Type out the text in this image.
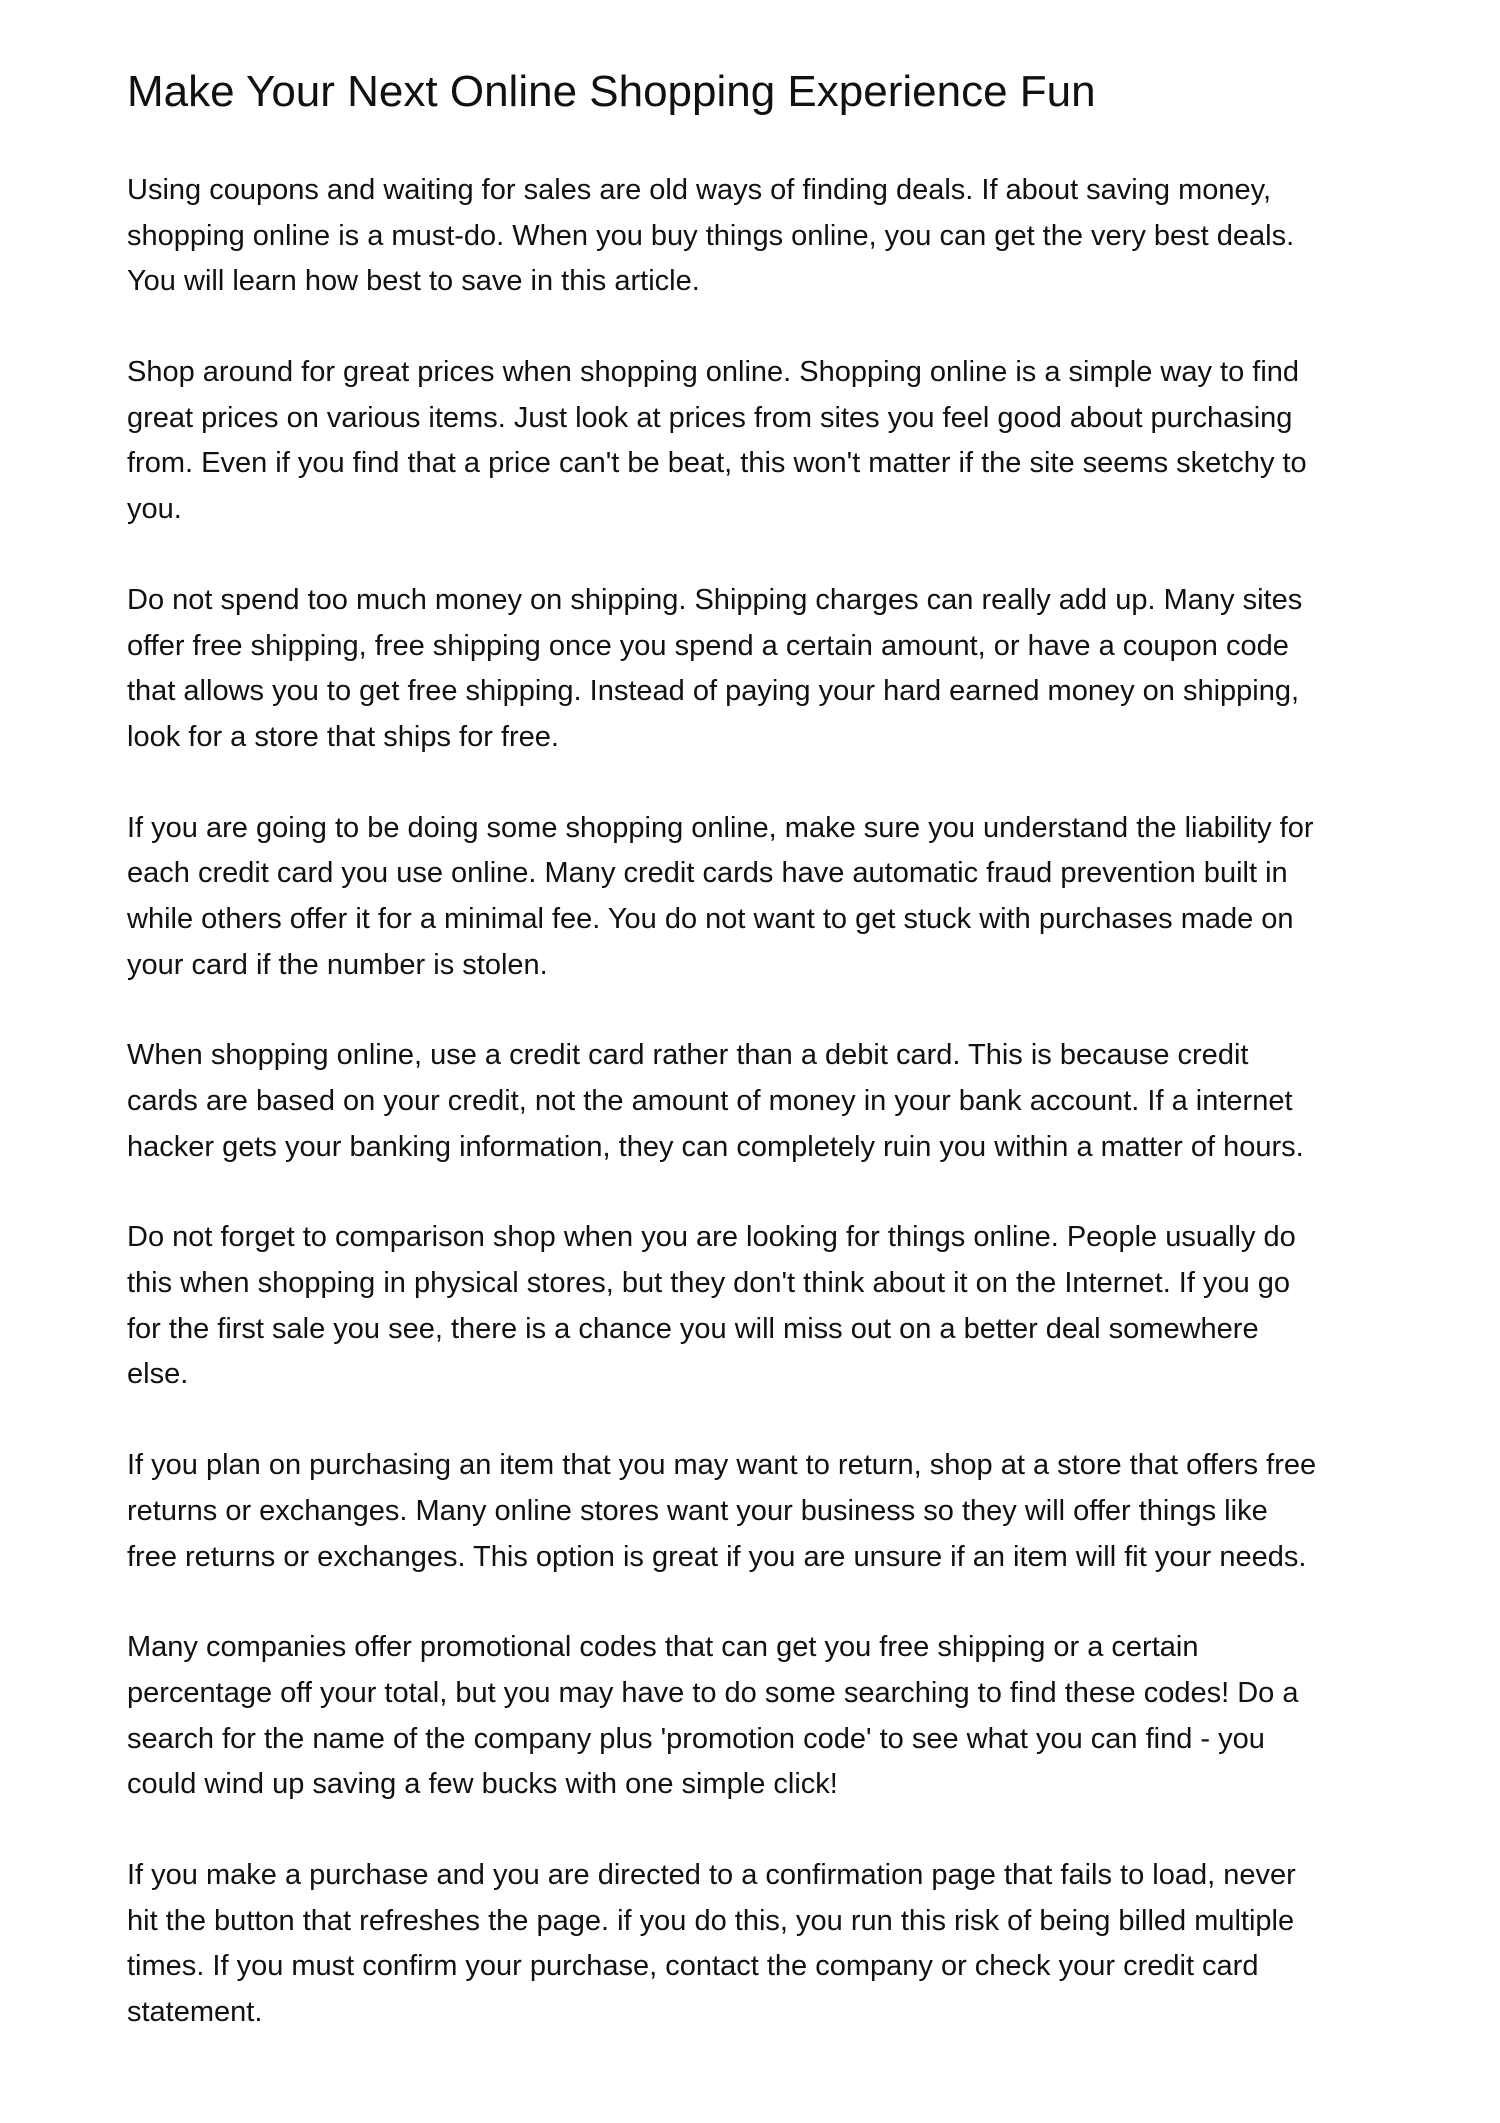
Make Your Next Online Shopping Experience Fun

Using coupons and waiting for sales are old ways of finding deals. If about saving money,
shopping online is a must-do. When you buy things online, you can get the very best deals.
You will learn how best to save in this article.

Shop around for great prices when shopping online. Shopping online is a simple way to find
great prices on various items. Just look at prices from sites you feel good about purchasing
from. Even if you find that a price can't be beat, this won't matter if the site seems sketchy to
you.

Do not spend too much money on shipping. Shipping charges can really add up. Many sites
offer free shipping, free shipping once you spend a certain amount, or have a coupon code
that allows you to get free shipping. Instead of paying your hard earned money on shipping,
look for a store that ships for free.

If you are going to be doing some shopping online, make sure you understand the liability for
each credit card you use online. Many credit cards have automatic fraud prevention built in
while others offer it for a minimal fee. You do not want to get stuck with purchases made on
your card if the number is stolen.

When shopping online, use a credit card rather than a debit card. This is because credit
cards are based on your credit, not the amount of money in your bank account. If a internet
hacker gets your banking information, they can completely ruin you within a matter of hours.

Do not forget to comparison shop when you are looking for things online. People usually do
this when shopping in physical stores, but they don't think about it on the Internet. If you go
for the first sale you see, there is a chance you will miss out on a better deal somewhere
else.

If you plan on purchasing an item that you may want to return, shop at a store that offers free
returns or exchanges. Many online stores want your business so they will offer things like
free returns or exchanges. This option is great if you are unsure if an item will fit your needs.

Many companies offer promotional codes that can get you free shipping or a certain
percentage off your total, but you may have to do some searching to find these codes! Do a
search for the name of the company plus 'promotion code' to see what you can find - you
could wind up saving a few bucks with one simple click!

If you make a purchase and you are directed to a confirmation page that fails to load, never
hit the button that refreshes the page. if you do this, you run this risk of being billed multiple
times. If you must confirm your purchase, contact the company or check your credit card
statement.
